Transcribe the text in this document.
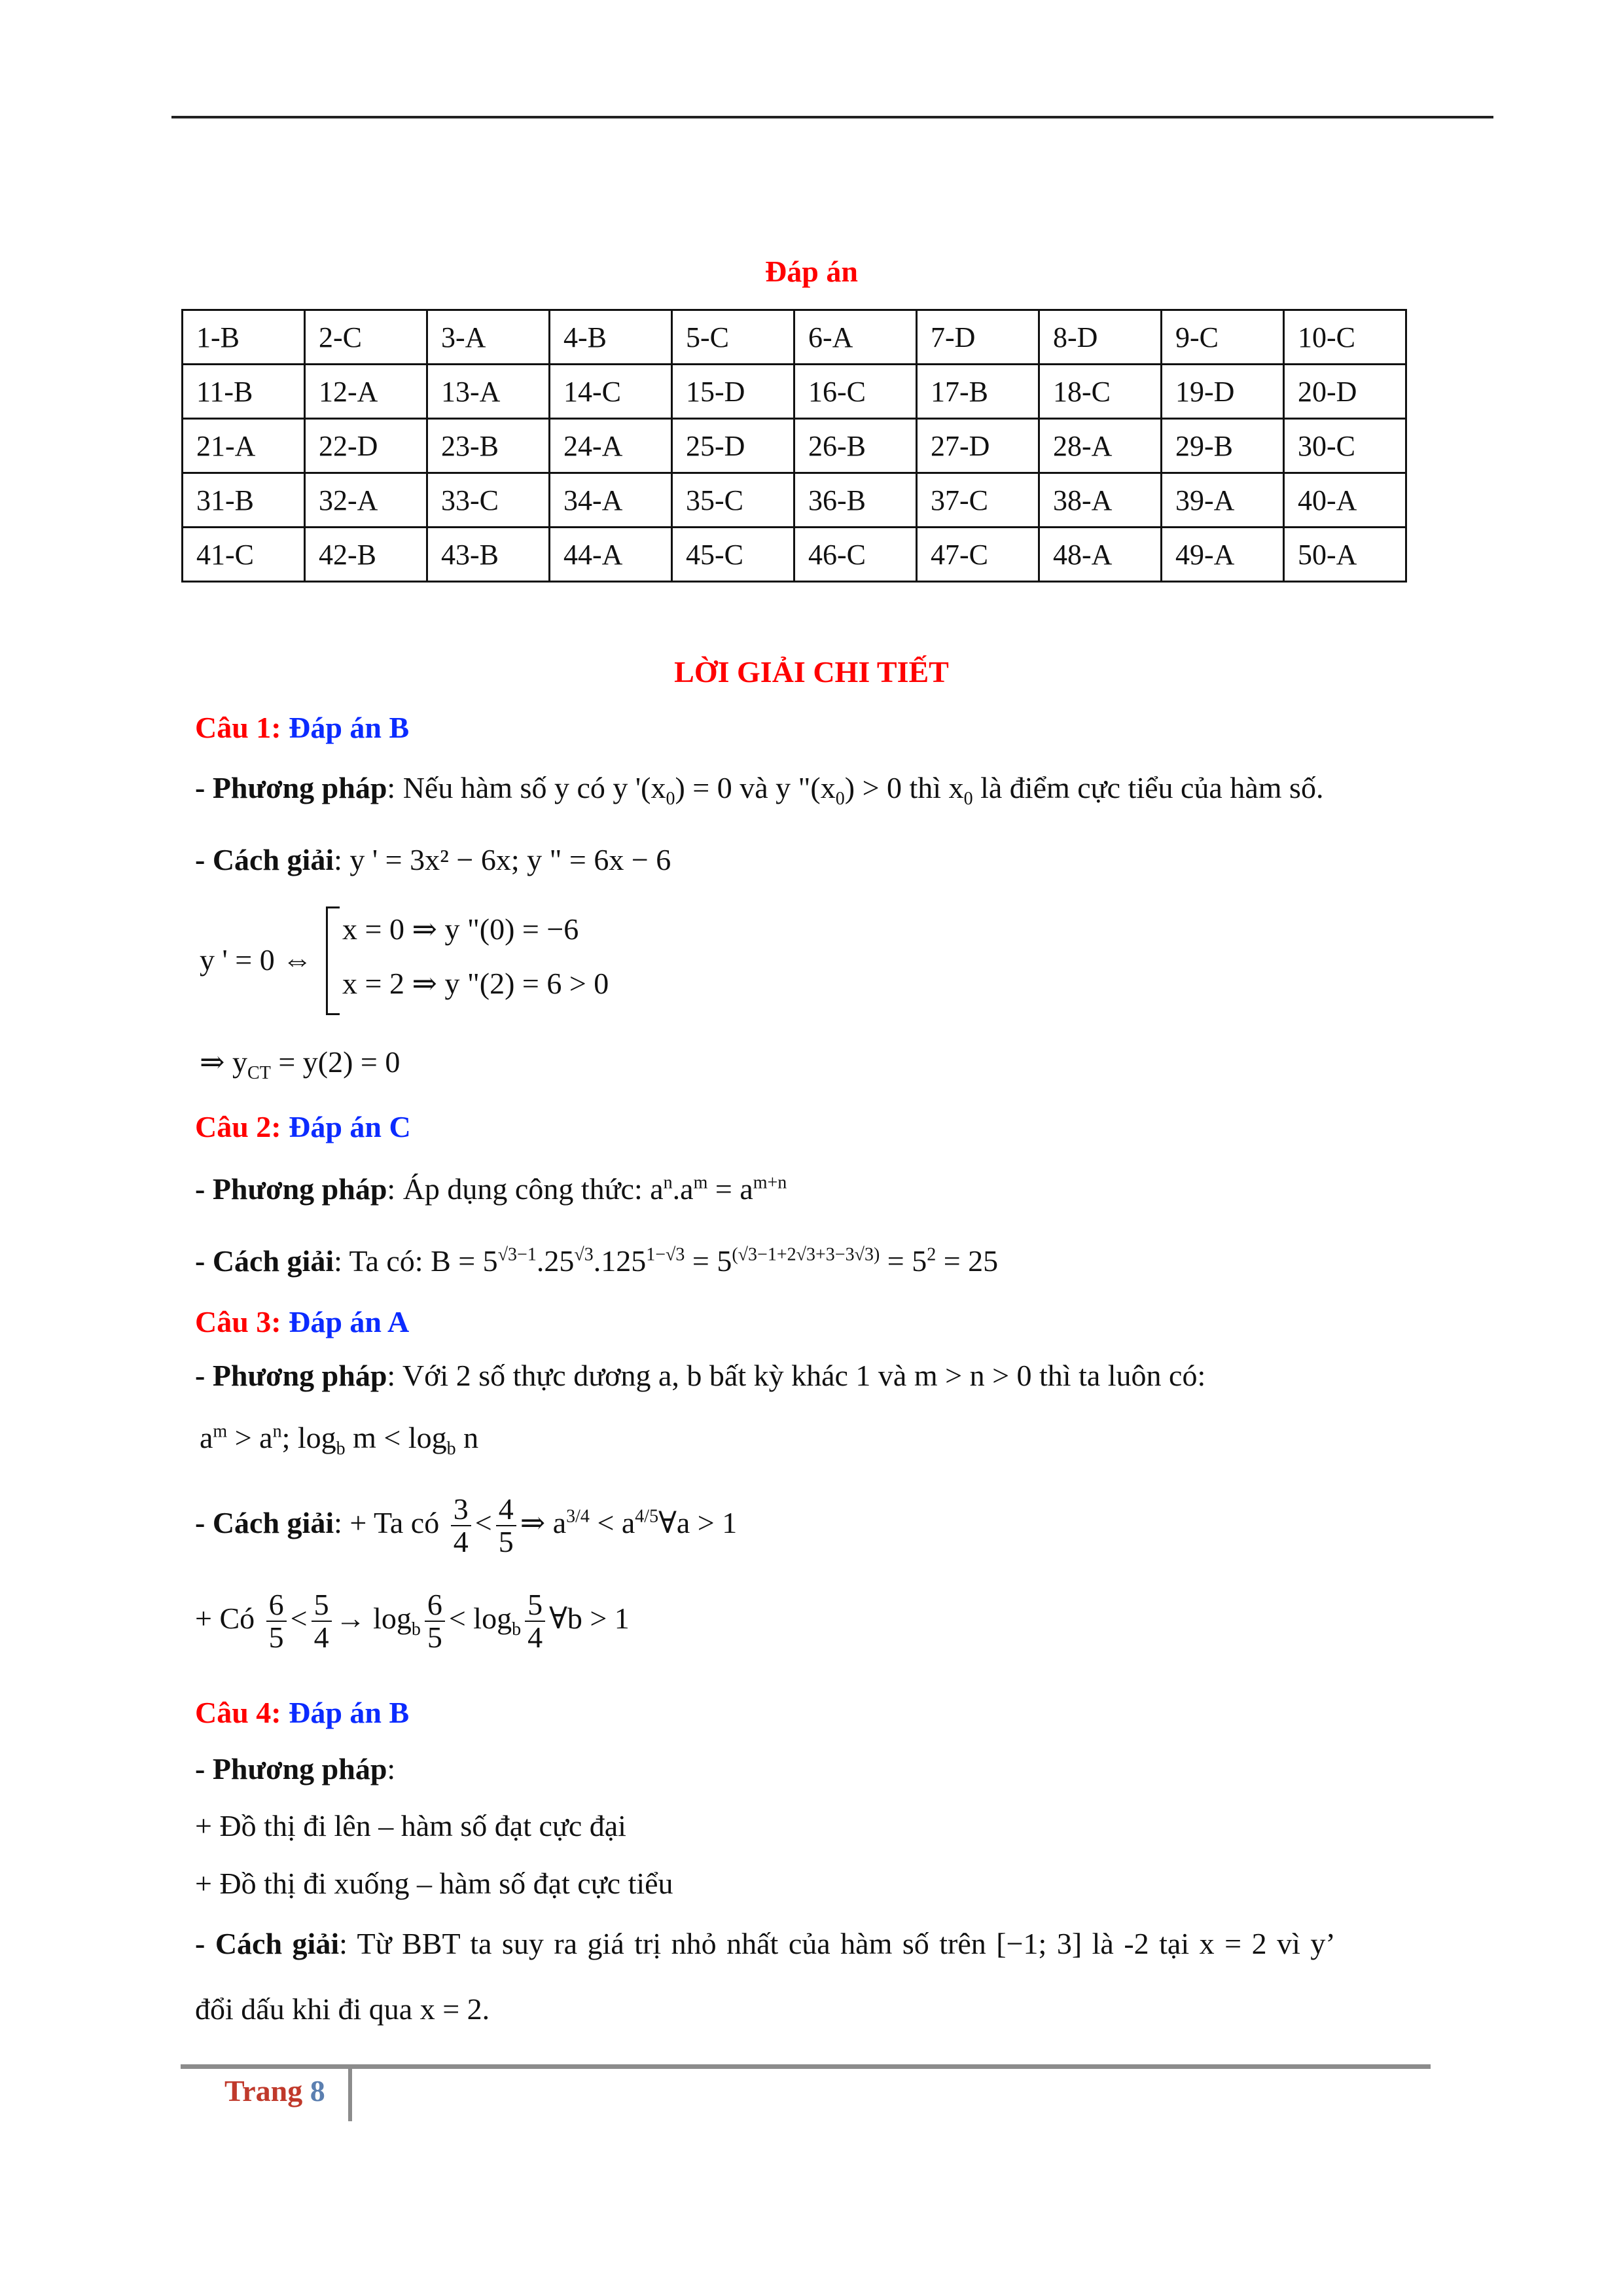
Đáp án
1-B	2-C	3-A	4-B	5-C	6-A	7-D	8-D	9-C	10-C
11-B	12-A	13-A	14-C	15-D	16-C	17-B	18-C	19-D	20-D
21-A	22-D	23-B	24-A	25-D	26-B	27-D	28-A	29-B	30-C
31-B	32-A	33-C	34-A	35-C	36-B	37-C	38-A	39-A	40-A
41-C	42-B	43-B	44-A	45-C	46-C	47-C	48-A	49-A	50-A
LỜI GIẢI CHI TIẾT
Câu 1: Đáp án B
- Phương pháp: Nếu hàm số y có y '$(x_0) = 0$ và y "$(x_0) > 0$ thì $x_0$ là điểm cực tiểu của hàm số.
- Cách giải: y ' = 3x² − 6x; y " = 6x − 6
y ' = 0 ⇔
x = 0 ⇒ y "(0) = −6
x = 2 ⇒ y "(2) = 6 > 0
⇒ $y_{CT} = y(2) = 0$
Câu 2: Đáp án C
- Phương pháp: Áp dụng công thức: $a^n.a^m = a^{m+n}$
- Cách giải: Ta có: $B = 5^{√3-1}.25^{√3}.125^{1-√3} = 5^{(√3-1+2√3+3-3√3)} = 5^2 = 25$
Câu 3: Đáp án A
- Phương pháp: Với 2 số thực dương a, b bất kỳ khác 1 và m > n > 0 thì ta luôn có:
$a^m > a^n$; $\log_b m < \log_b n$
- Cách giải: + Ta có $\frac{3}{4} < \frac{4}{5}$ ⇒ $a^{3/4}$ < $a^{4/5}\forall a > 1$
+ Có $\frac{6}{5} < \frac{5}{4} \to \log_b \frac{6}{5} < \log_b \frac{5}{4}$ ∀b > 1
Câu 4: Đáp án B
- Phương pháp:
+ Đồ thị đi lên – hàm số đạt cực đại
+ Đồ thị đi xuống – hàm số đạt cực tiểu
- Cách giải: Từ BBT ta suy ra giá trị nhỏ nhất của hàm số trên [−1; 3] là -2 tại x = 2 vì y’
đổi dấu khi đi qua x = 2.
Trang 8
